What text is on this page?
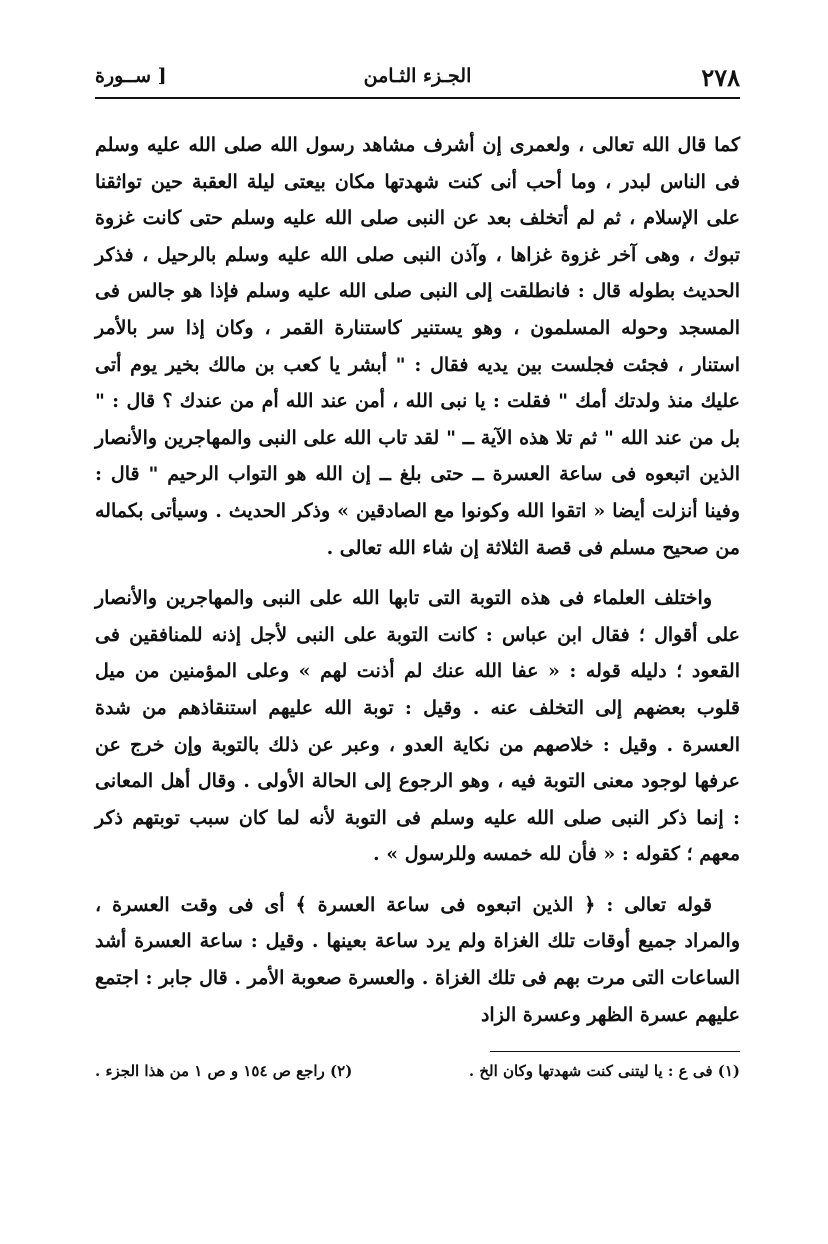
٢٧٨
الجـزء الثـامن
[ ســورة

كما قال الله تعالى ، ولعمرى إن أشرف مشاهد رسول الله صلى الله عليه وسلم فى الناس لبدر ، وما أحب أنى كنت شهدتها مكان بيعتى ليلة العقبة حين تواثقنا على الإسلام ، ثم لم أتخلف بعد عن النبى صلى الله عليه وسلم حتى كانت غزوة تبوك ، وهى آخر غزوة غزاها ، وآذن النبى صلى الله عليه وسلم بالرحيل ، فذكر الحديث بطوله قال : فانطلقت إلى النبى صلى الله عليه وسلم فإذا هو جالس فى المسجد وحوله المسلمون ، وهو يستنير كاستنارة القمر ، وكان إذا سر بالأمر استنار ، فجئت فجلست بين يديه فقال : " أبشر يا كعب بن مالك بخير يوم أتى عليك منذ ولدتك أمك " فقلت : يا نبى الله ، أمن عند الله أم من عندك ؟ قال : " بل من عند الله " ثم تلا هذه الآية ــ " لقد تاب الله على النبى والمهاجرين والأنصار الذين اتبعوه فى ساعة العسرة ــ حتى بلغ ــ إن الله هو التواب الرحيم " قال : وفينا أنزلت أيضا « اتقوا الله وكونوا مع الصادقين » وذكر الحديث . وسيأتى بكماله من صحيح مسلم فى قصة الثلاثة إن شاء الله تعالى .

واختلف العلماء فى هذه التوبة التى تابها الله على النبى والمهاجرين والأنصار على أقوال ؛ فقال ابن عباس : كانت التوبة على النبى لأجل إذنه للمنافقين فى القعود ؛ دليله قوله : « عفا الله عنك لم أذنت لهم » وعلى المؤمنين من ميل قلوب بعضهم إلى التخلف عنه . وقيل : توبة الله عليهم استنقاذهم من شدة العسرة . وقيل : خلاصهم من نكاية العدو ، وعبر عن ذلك بالتوبة وإن خرج عن عرفها لوجود معنى التوبة فيه ، وهو الرجوع إلى الحالة الأولى . وقال أهل المعانى : إنما ذكر النبى صلى الله عليه وسلم فى التوبة لأنه لما كان سبب توبتهم ذكر معهم ؛ كقوله : « فأن لله خمسه وللرسول » .

قوله تعالى : ﴿ الذين اتبعوه فى ساعة العسرة ﴾ أى فى وقت العسرة ، والمراد جميع أوقات تلك الغزاة ولم يرد ساعة بعينها . وقيل : ساعة العسرة أشد الساعات التى مرت بهم فى تلك الغزاة . والعسرة صعوبة الأمر . قال جابر : اجتمع عليهم عسرة الظهر وعسرة الزاد

(١) فى ع : يا ليتنى كنت شهدتها وكان الخ .
(٢) راجع ص ١٥٤ و ص ١ من هذا الجزء .
